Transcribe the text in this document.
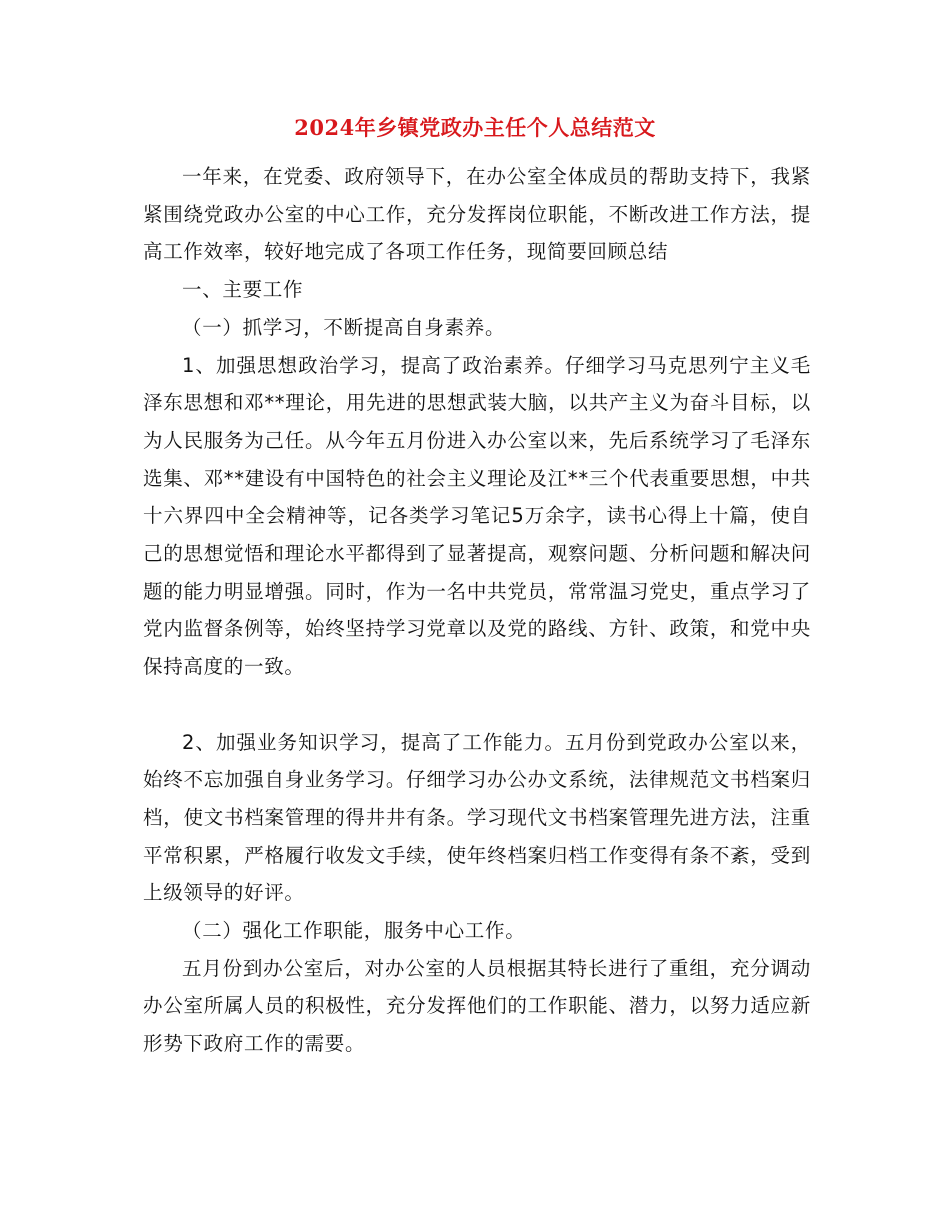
2024年乡镇党政办主任个人总结范文

一年来，在党委、政府领导下，在办公室全体成员的帮助支持下，我紧紧围绕党政办公室的中心工作，充分发挥岗位职能，不断改进工作方法，提高工作效率，较好地完成了各项工作任务，现简要回顾总结

一、主要工作

（一）抓学习，不断提高自身素养。

1、加强思想政治学习，提高了政治素养。仔细学习马克思列宁主义毛泽东思想和邓**理论，用先进的思想武装大脑，以共产主义为奋斗目标，以为人民服务为己任。从今年五月份进入办公室以来，先后系统学习了毛泽东选集、邓**建设有中国特色的社会主义理论及江**三个代表重要思想，中共十六界四中全会精神等，记各类学习笔记5万余字，读书心得上十篇，使自己的思想觉悟和理论水平都得到了显著提高，观察问题、分析问题和解决问题的能力明显增强。同时，作为一名中共党员，常常温习党史，重点学习了党内监督条例等，始终坚持学习党章以及党的路线、方针、政策，和党中央保持高度的一致。

2、加强业务知识学习，提高了工作能力。五月份到党政办公室以来，始终不忘加强自身业务学习。仔细学习办公办文系统，法律规范文书档案归档，使文书档案管理的得井井有条。学习现代文书档案管理先进方法，注重平常积累，严格履行收发文手续，使年终档案归档工作变得有条不紊，受到上级领导的好评。

（二）强化工作职能，服务中心工作。

五月份到办公室后，对办公室的人员根据其特长进行了重组，充分调动办公室所属人员的积极性，充分发挥他们的工作职能、潜力，以努力适应新形势下政府工作的需要。
